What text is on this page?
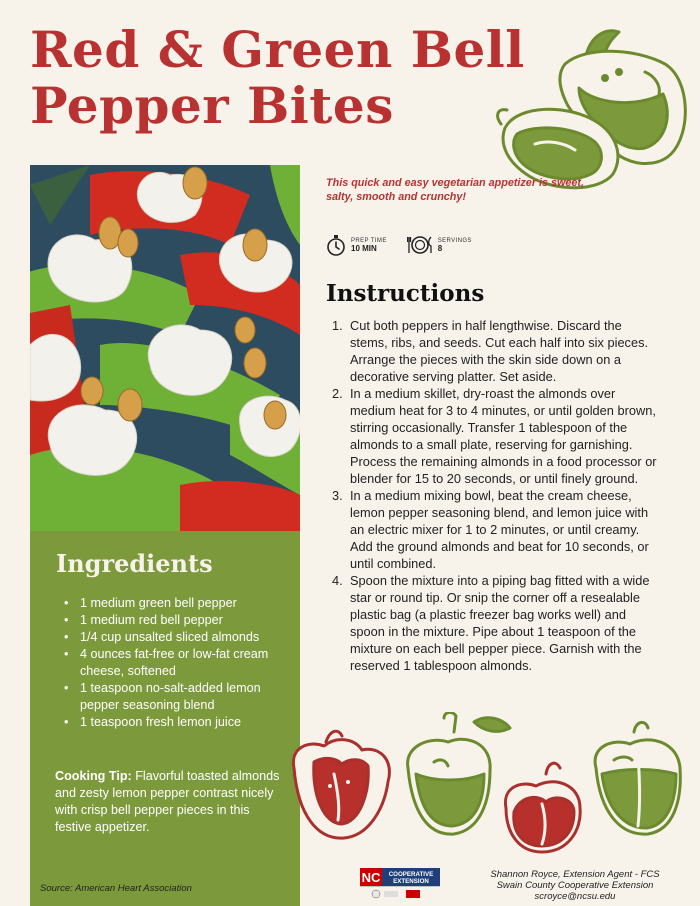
Red & Green Bell
Pepper Bites
Ingredients
• 1 medium green bell pepper
• 1 medium red bell pepper
• 1/4 cup unsalted sliced almonds
• 4 ounces fat-free or low-fat cream cheese, softened
• 1 teaspoon no-salt-added lemon pepper seasoning blend
• 1 teaspoon fresh lemon juice
Cooking Tip: Flavorful toasted almonds and zesty lemon pepper contrast nicely with crisp bell pepper pieces in this festive appetizer.
Source: American Heart Association
This quick and easy vegetarian appetizer is sweet, salty, smooth and crunchy!
PREP TIME
10 MIN
SERVINGS
8
Instructions
1. Cut both peppers in half lengthwise. Discard the stems, ribs, and seeds. Cut each half into six pieces. Arrange the pieces with the skin side down on a decorative serving platter. Set aside.
2. In a medium skillet, dry-roast the almonds over medium heat for 3 to 4 minutes, or until golden brown, stirring occasionally. Transfer 1 tablespoon of the almonds to a small plate, reserving for garnishing. Process the remaining almonds in a food processor or blender for 15 to 20 seconds, or until finely ground.
3. In a medium mixing bowl, beat the cream cheese, lemon pepper seasoning blend, and lemon juice with an electric mixer for 1 to 2 minutes, or until creamy. Add the ground almonds and beat for 10 seconds, or until combined.
4. Spoon the mixture into a piping bag fitted with a wide star or round tip. Or snip the corner off a resealable plastic bag (a plastic freezer bag works well) and spoon in the mixture. Pipe about 1 teaspoon of the mixture on each bell pepper piece. Garnish with the reserved 1 tablespoon almonds.
NC COOPERATIVE
EXTENSION
Shannon Royce, Extension Agent - FCS
Swain County Cooperative Extension
scroyce@ncsu.edu
